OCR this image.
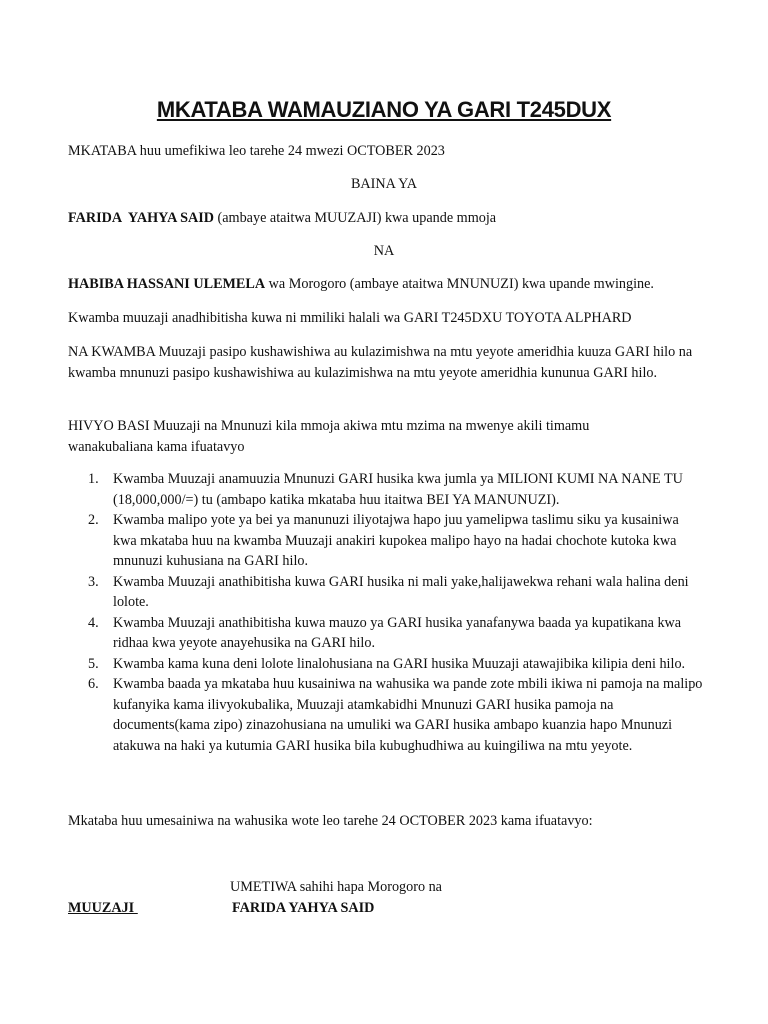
MKATABA WAMAUZIANO YA GARI T245DUX

MKATABA huu umefikiwa leo tarehe 24 mwezi OCTOBER 2023

BAINA YA

FARIDA  YAHYA SAID (ambaye ataitwa MUUZAJI) kwa upande mmoja

NA

HABIBA HASSANI ULEMELA wa Morogoro (ambaye ataitwa MNUNUZI) kwa upande mwingine.

Kwamba muuzaji anadhibitisha kuwa ni mmiliki halali wa GARI T245DXU TOYOTA ALPHARD

NA KWAMBA Muuzaji pasipo kushawishiwa au kulazimishwa na mtu yeyote ameridhia kuuza GARI hilo na kwamba mnunuzi pasipo kushawishiwa au kulazimishwa na mtu yeyote ameridhia kununua GARI hilo.

HIVYO BASI Muuzaji na Mnunuzi kila mmoja akiwa mtu mzima na mwenye akili timamu wanakubaliana kama ifuatavyo

1. Kwamba Muuzaji anamuuzia Mnunuzi GARI husika kwa jumla ya MILIONI KUMI NA NANE TU (18,000,000/=) tu (ambapo katika mkataba huu itaitwa BEI YA MANUNUZI).
2. Kwamba malipo yote ya bei ya manunuzi iliyotajwa hapo juu yamelipwa taslimu siku ya kusainiwa kwa mkataba huu na kwamba Muuzaji anakiri kupokea malipo hayo na hadai chochote kutoka kwa mnunuzi kuhusiana na GARI hilo.
3. Kwamba Muuzaji anathibitisha kuwa GARI husika ni mali yake,halijawekwa rehani wala halina deni lolote.
4. Kwamba Muuzaji anathibitisha kuwa mauzo ya GARI husika yanafanywa baada ya kupatikana kwa ridhaa kwa yeyote anayehusika na GARI hilo.
5. Kwamba kama kuna deni lolote linalohusiana na GARI husika Muuzaji atawajibika kilipia deni hilo.
6. Kwamba baada ya mkataba huu kusainiwa na wahusika wa pande zote mbili ikiwa ni pamoja na malipo kufanyika kama ilivyokubalika, Muuzaji atamkabidhi Mnunuzi GARI husika pamoja na documents(kama zipo) zinazohusiana na umuliki wa GARI husika ambapo kuanzia hapo Mnunuzi atakuwa na haki ya kutumia GARI husika bila kubughudhiwa au kuingiliwa na mtu yeyote.

Mkataba huu umesainiwa na wahusika wote leo tarehe 24 OCTOBER 2023 kama ifuatavyo:

UMETIWA sahihi hapa Morogoro na

MUUZAJI	FARIDA YAHYA SAID
